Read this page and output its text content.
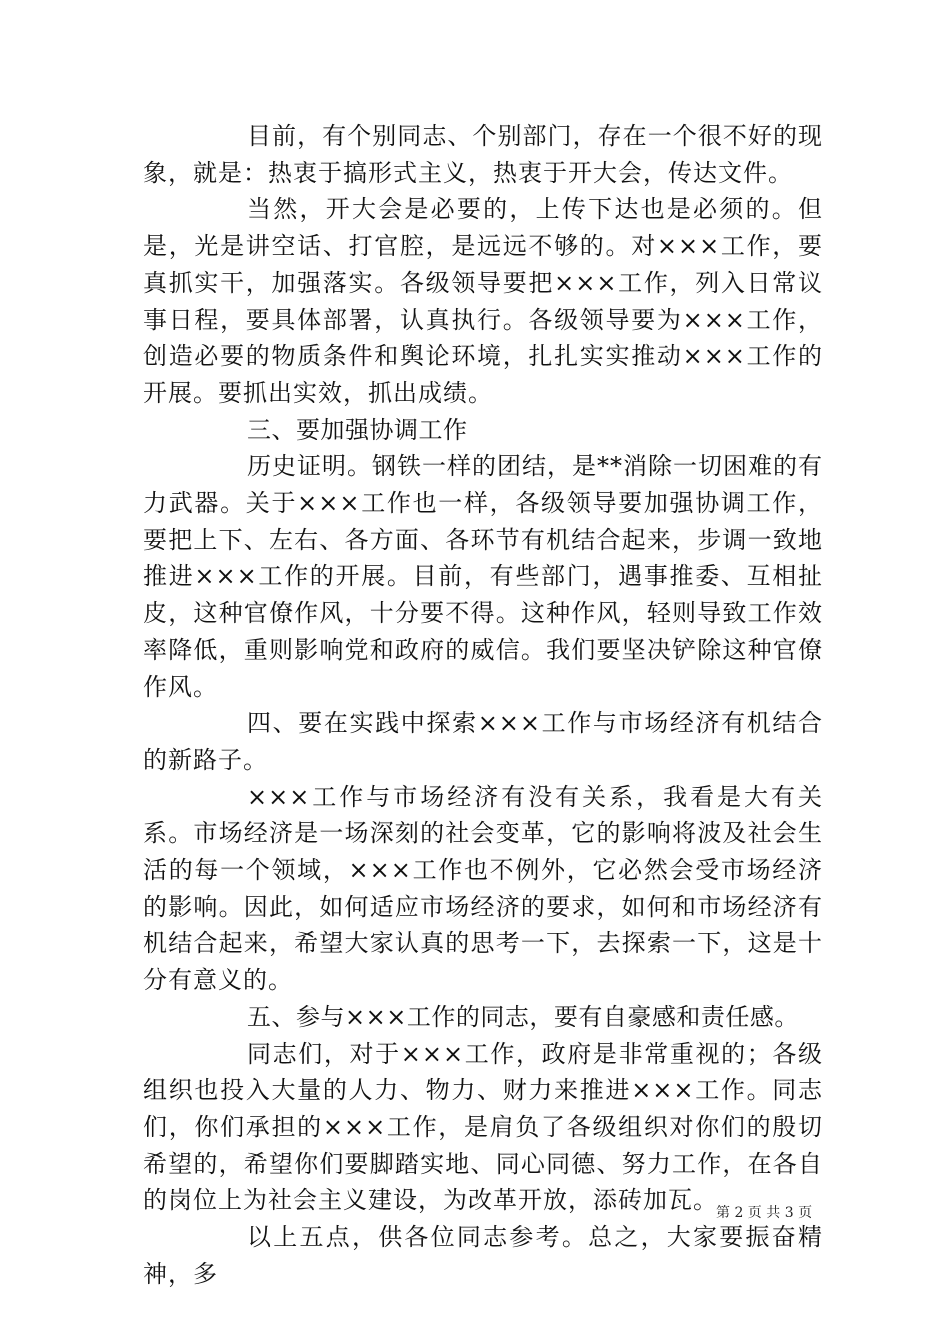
目前，有个别同志、个别部门，存在一个很不好的现象，就是：热衷于搞形式主义，热衷于开大会，传达文件。

当然，开大会是必要的，上传下达也是必须的。但是，光是讲空话、打官腔，是远远不够的。对×××工作，要真抓实干，加强落实。各级领导要把×××工作，列入日常议事日程，要具体部署，认真执行。各级领导要为×××工作，创造必要的物质条件和舆论环境，扎扎实实推动×××工作的开展。要抓出实效，抓出成绩。

三、要加强协调工作

历史证明。钢铁一样的团结，是**消除一切困难的有力武器。关于×××工作也一样，各级领导要加强协调工作，要把上下、左右、各方面、各环节有机结合起来，步调一致地推进×××工作的开展。目前，有些部门，遇事推委、互相扯皮，这种官僚作风，十分要不得。这种作风，轻则导致工作效率降低，重则影响党和政府的威信。我们要坚决铲除这种官僚作风。

四、要在实践中探索×××工作与市场经济有机结合的新路子。

×××工作与市场经济有没有关系，我看是大有关系。市场经济是一场深刻的社会变革，它的影响将波及社会生活的每一个领域，×××工作也不例外，它必然会受市场经济的影响。因此，如何适应市场经济的要求，如何和市场经济有机结合起来，希望大家认真的思考一下，去探索一下，这是十分有意义的。

五、参与×××工作的同志，要有自豪感和责任感。

同志们，对于×××工作，政府是非常重视的；各级组织也投入大量的人力、物力、财力来推进×××工作。同志们，你们承担的×××工作，是肩负了各级组织对你们的殷切希望的，希望你们要脚踏实地、同心同德、努力工作，在各自的岗位上为社会主义建设，为改革开放，添砖加瓦。

以上五点，供各位同志参考。总之，大家要振奋精神，多

第 2 页 共 3 页
